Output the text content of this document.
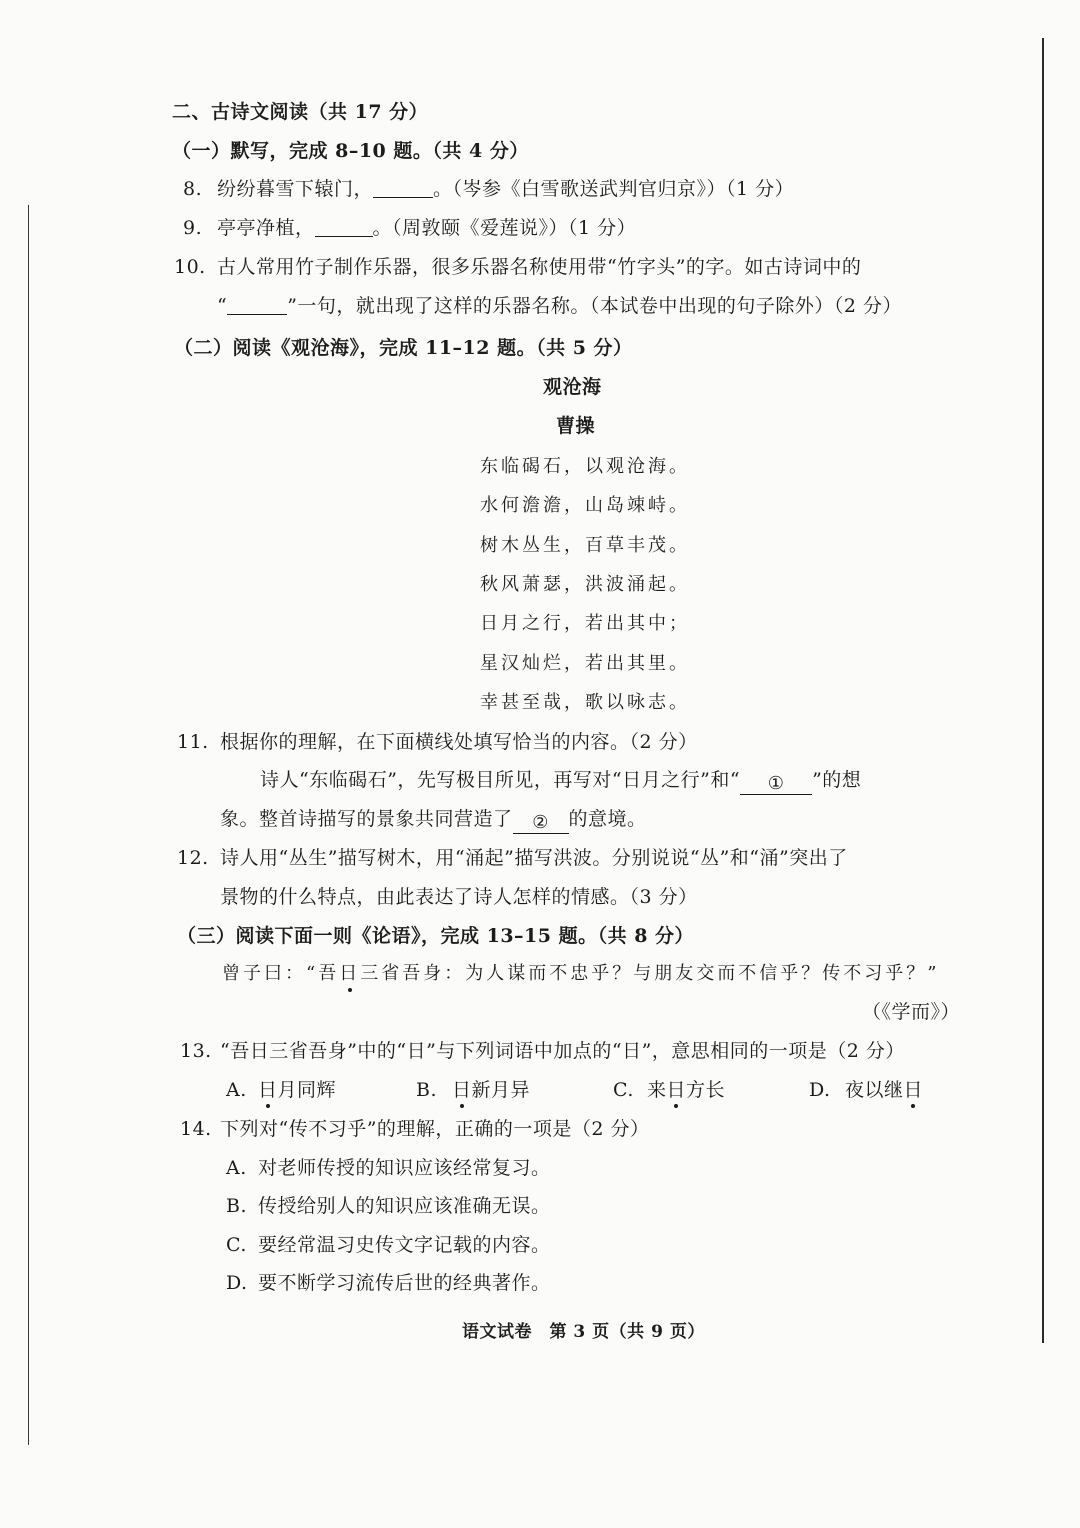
二、古诗文阅读（共 17 分）
（一）默写，完成 8–10 题。（共 4 分）
8. 纷纷暮雪下辕门，	。（岑参《白雪歌送武判官归京》）（1 分）
9. 亭亭净植，	。（周敦颐《爱莲说》）（1 分）
10. 古人常用竹子制作乐器，很多乐器名称使用带“竹字头”的字。如古诗词中的
“	”一句，就出现了这样的乐器名称。（本试卷中出现的句子除外）（2 分）
（二）阅读《观沧海》，完成 11–12 题。（共 5 分）
观沧海
曹操
东临碣石，以观沧海。
水何澹澹，山岛竦峙。
树木丛生，百草丰茂。
秋风萧瑟，洪波涌起。
日月之行，若出其中；
星汉灿烂，若出其里。
幸甚至哉，歌以咏志。
11. 根据你的理解，在下面横线处填写恰当的内容。（2 分）
诗人“东临碣石”，先写极目所见，再写对“日月之行”和“ ① ”的想
象。整首诗描写的景象共同营造了 ② 的意境。
12. 诗人用“丛生”描写树木，用“涌起”描写洪波。分别说说“丛”和“涌”突出了
景物的什么特点，由此表达了诗人怎样的情感。（3 分）
（三）阅读下面一则《论语》，完成 13–15 题。（共 8 分）
曾子曰：“吾日三省吾身：为人谋而不忠乎？与朋友交而不信乎？传不习乎？”
（《学而》）
13. “吾日三省吾身”中的“日”与下列词语中加点的“日”，意思相同的一项是（2 分）
A. 日月同辉	B. 日新月异	C. 来日方长	D. 夜以继日
14. 下列对“传不习乎”的理解，正确的一项是（2 分）
A. 对老师传授的知识应该经常复习。
B. 传授给别人的知识应该准确无误。
C. 要经常温习史传文字记载的内容。
D. 要不断学习流传后世的经典著作。
语文试卷　第 3 页（共 9 页）
